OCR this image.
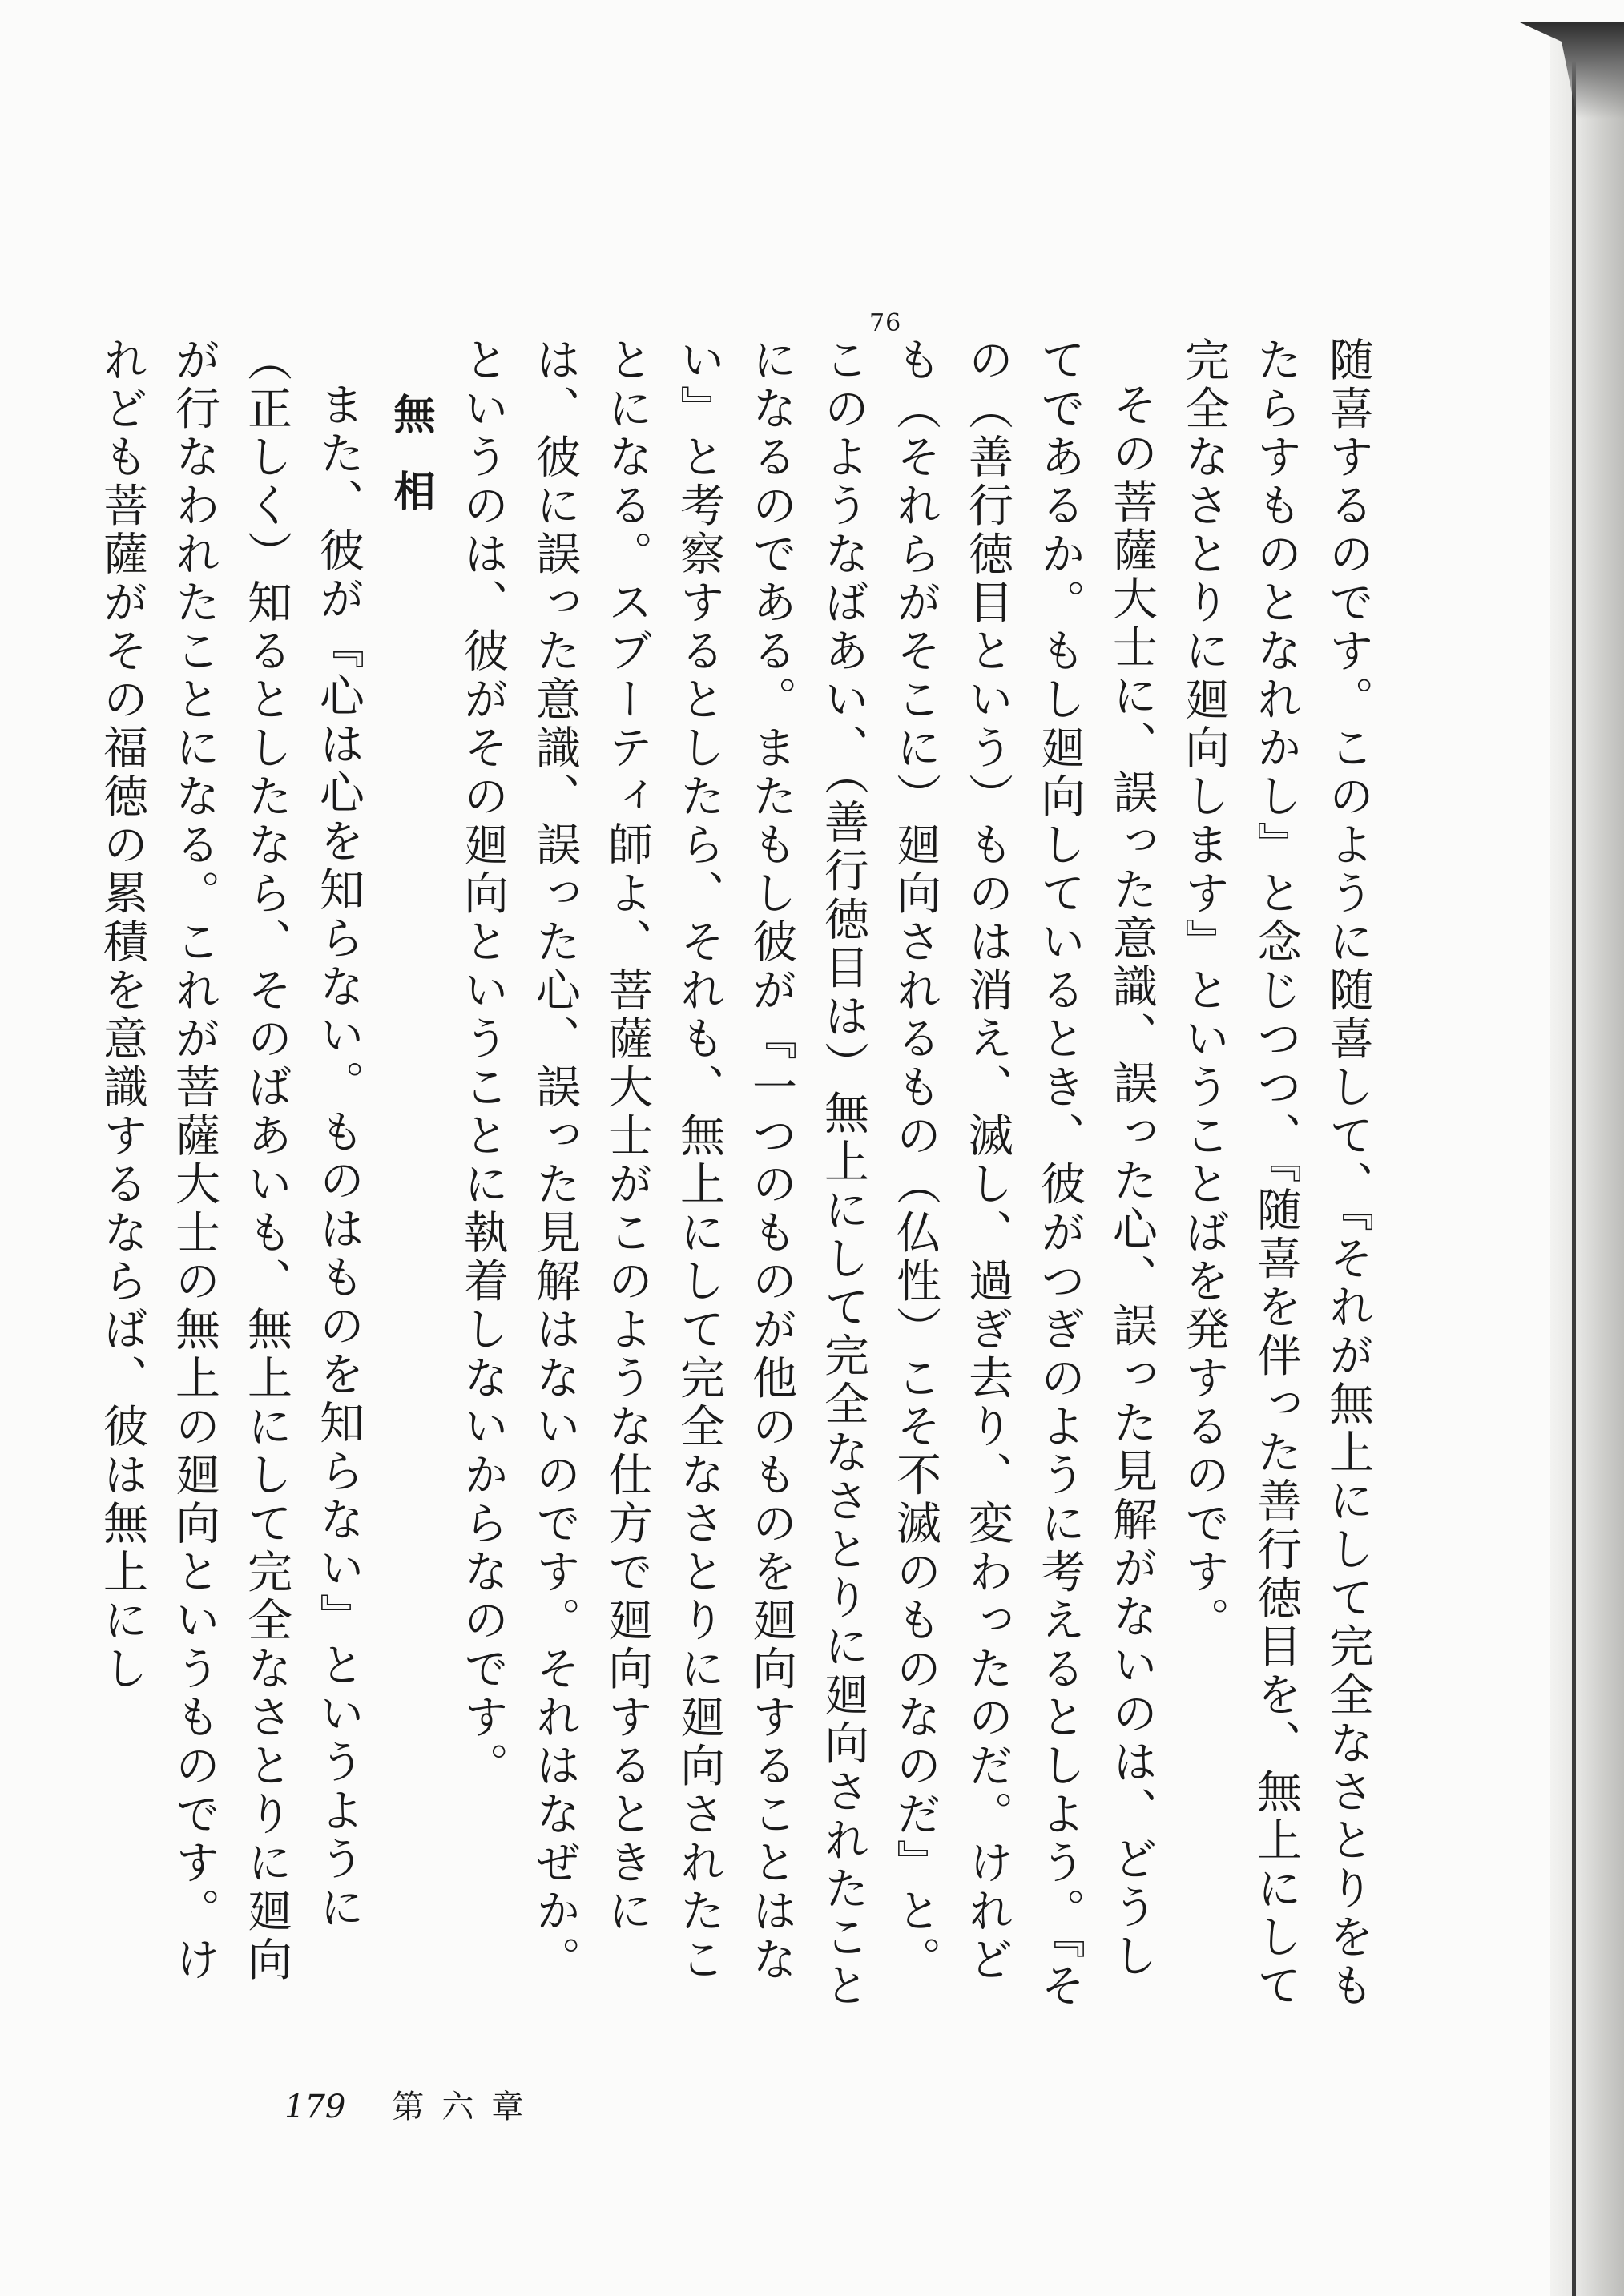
76

随喜するのです。このように随喜して、『それが無上にして完全なさとりをもたらすものとなれかし』と念じつつ、『随喜を伴った善行徳目を、無上にして完全なさとりに廻向します』ということばを発するのです。

その菩薩大士に、誤った意識、誤った心、誤った見解がないのは、どうしてであるか。もし廻向しているとき、彼がつぎのように考えるとしよう。『その（善行徳目という）ものは消え、滅し、過ぎ去り、変わったのだ。けれども（それらがそこに）廻向されるもの（仏性）こそ不滅のものなのだ』と。このようなばあい、（善行徳目は）無上にして完全なさとりに廻向されたことになるのである。またもし彼が『一つのものが他のものを廻向することはない』と考察するとしたら、それも、無上にして完全なさとりに廻向されたことになる。スブーティ師よ、菩薩大士がこのような仕方で廻向するときには、彼に誤った意識、誤った心、誤った見解はないのです。それはなぜか。というのは、彼がその廻向ということに執着しないからなのです。

無相

また、彼が『心は心を知らない。ものはものを知らない』というように（正しく）知るとしたなら、そのばあいも、無上にして完全なさとりに廻向が行なわれたことになる。これが菩薩大士の無上の廻向というものです。けれども菩薩がその福徳の累積を意識するならば、彼は無上にし

179 第六章
